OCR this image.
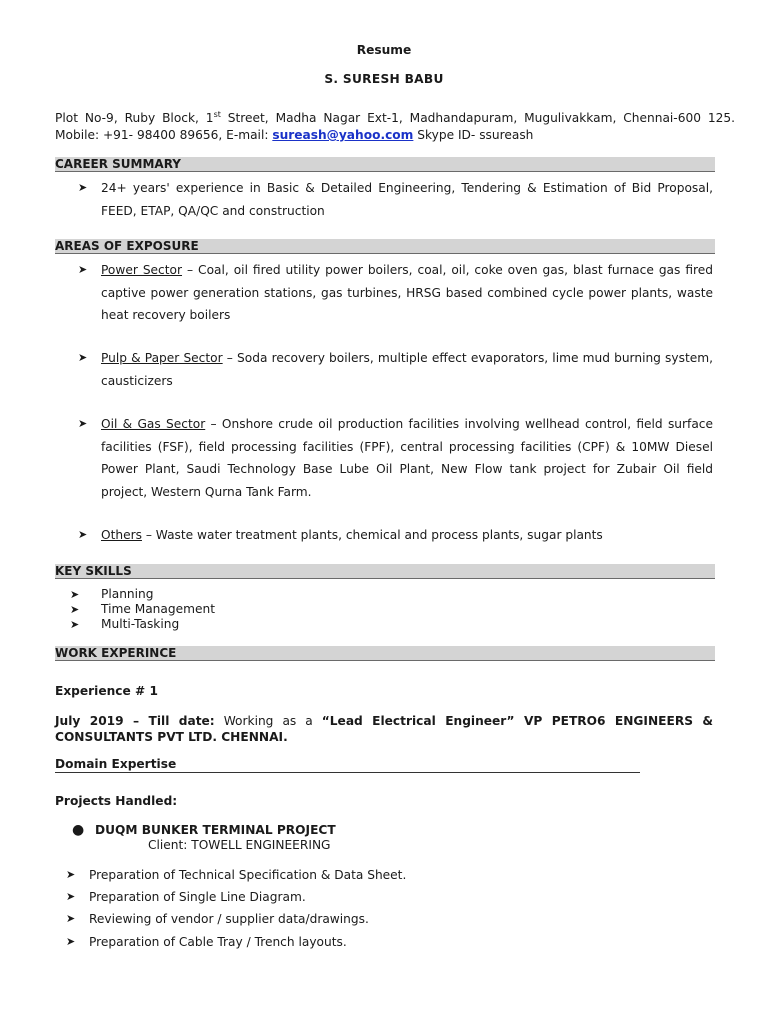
Resume
S. SURESH BABU
Plot No-9, Ruby Block, 1st Street, Madha Nagar Ext-1, Madhandapuram, Mugulivakkam, Chennai-600 125. Mobile: +91- 98400 89656, E-mail: sureash@yahoo.com Skype ID- ssureash
CAREER SUMMARY
➤ 24+ years' experience in Basic & Detailed Engineering, Tendering & Estimation of Bid Proposal, FEED, ETAP, QA/QC and construction
AREAS OF EXPOSURE
➤ Power Sector – Coal, oil fired utility power boilers, coal, oil, coke oven gas, blast furnace gas fired captive power generation stations, gas turbines, HRSG based combined cycle power plants, waste heat recovery boilers
➤ Pulp & Paper Sector – Soda recovery boilers, multiple effect evaporators, lime mud burning system, causticizers
➤ Oil & Gas Sector – Onshore crude oil production facilities involving wellhead control, field surface facilities (FSF), field processing facilities (FPF), central processing facilities (CPF) & 10MW Diesel Power Plant, Saudi Technology Base Lube Oil Plant, New Flow tank project for Zubair Oil field project, Western Qurna Tank Farm.
➤ Others – Waste water treatment plants, chemical and process plants, sugar plants
KEY SKILLS
➤ Planning
➤ Time Management
➤ Multi-Tasking
WORK EXPERINCE
Experience # 1
July 2019 – Till date: Working as a “Lead Electrical Engineer” VP PETRO6 ENGINEERS & CONSULTANTS PVT LTD. CHENNAI.
Domain Expertise
Projects Handled:
● DUQM BUNKER TERMINAL PROJECT
Client: TOWELL ENGINEERING
➤ Preparation of Technical Specification & Data Sheet.
➤ Preparation of Single Line Diagram.
➤ Reviewing of vendor / supplier data/drawings.
➤ Preparation of Cable Tray / Trench layouts.
